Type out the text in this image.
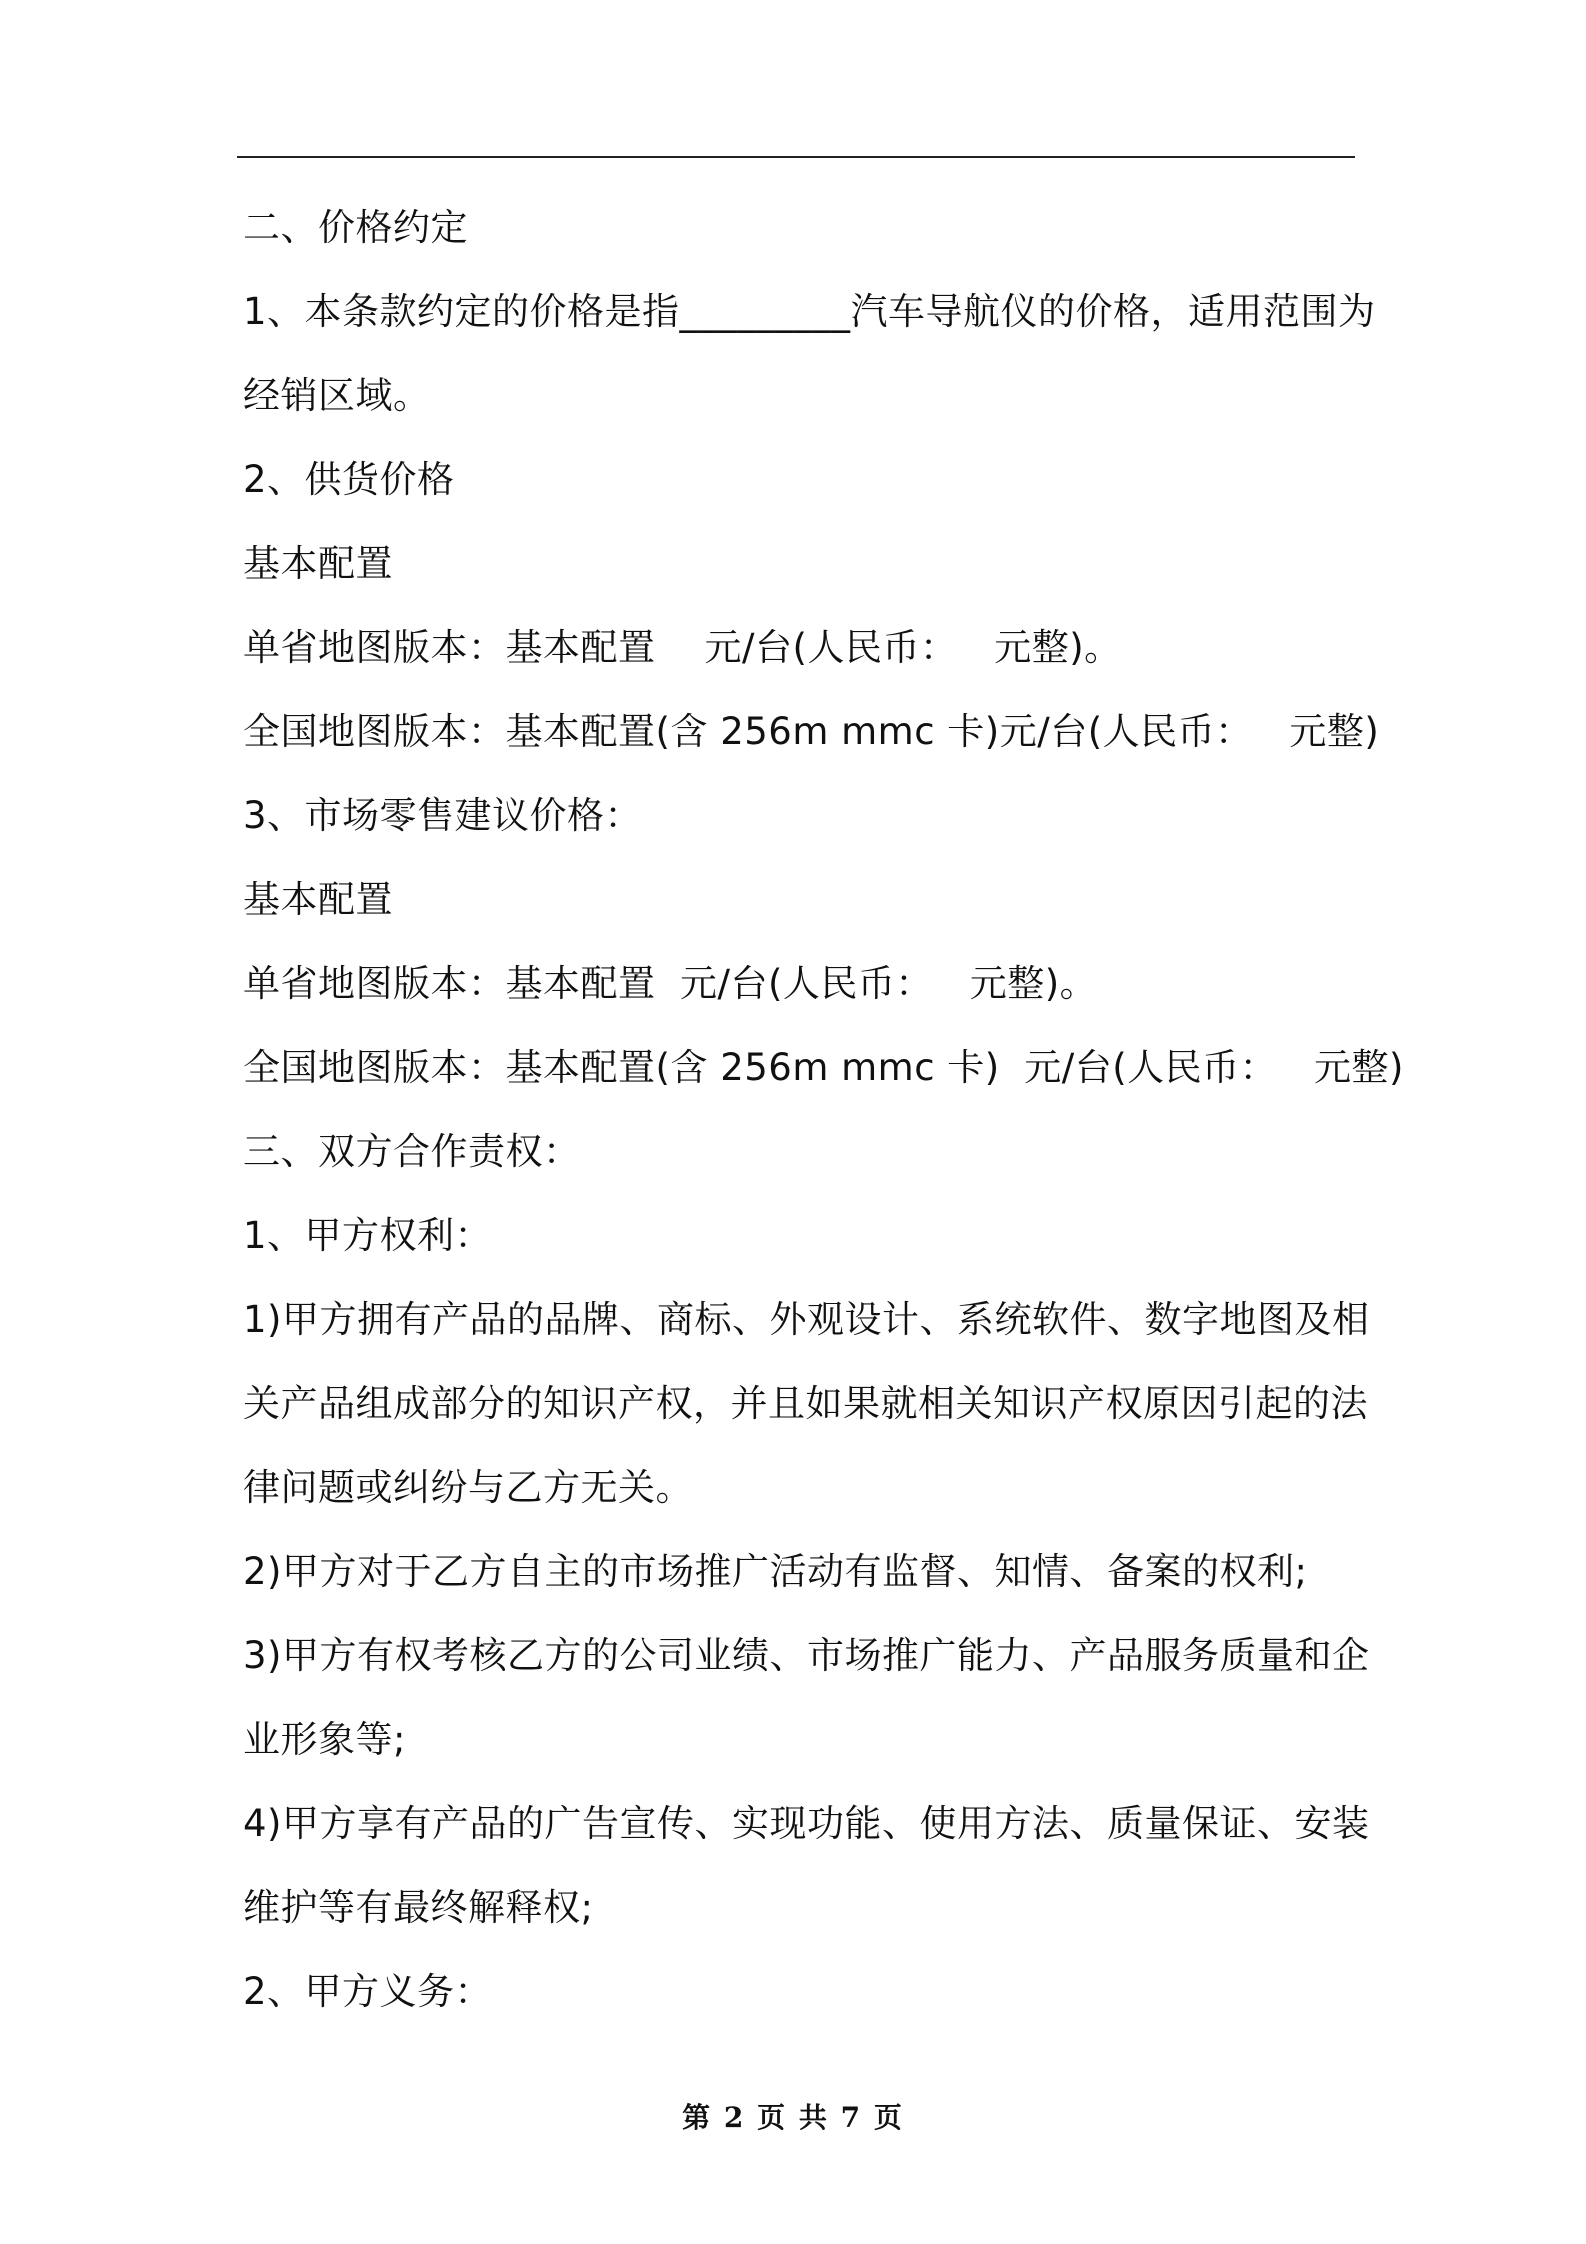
二、价格约定
1、本条款约定的价格是指_________汽车导航仪的价格，适用范围为
经销区域。
2、供货价格
基本配置
单省地图版本：基本配置    元/台(人民币：   元整)。
全国地图版本：基本配置(含 256m mmc 卡)元/台(人民币：   元整)
3、市场零售建议价格：
基本配置
单省地图版本：基本配置  元/台(人民币：   元整)。
全国地图版本：基本配置(含 256m mmc 卡)  元/台(人民币：   元整)
三、双方合作责权：
1、甲方权利：
1)甲方拥有产品的品牌、商标、外观设计、系统软件、数字地图及相
关产品组成部分的知识产权，并且如果就相关知识产权原因引起的法
律问题或纠纷与乙方无关。
2)甲方对于乙方自主的市场推广活动有监督、知情、备案的权利;
3)甲方有权考核乙方的公司业绩、市场推广能力、产品服务质量和企
业形象等;
4)甲方享有产品的广告宣传、实现功能、使用方法、质量保证、安装
维护等有最终解释权;
2、甲方义务：
第 2 页 共 7 页
